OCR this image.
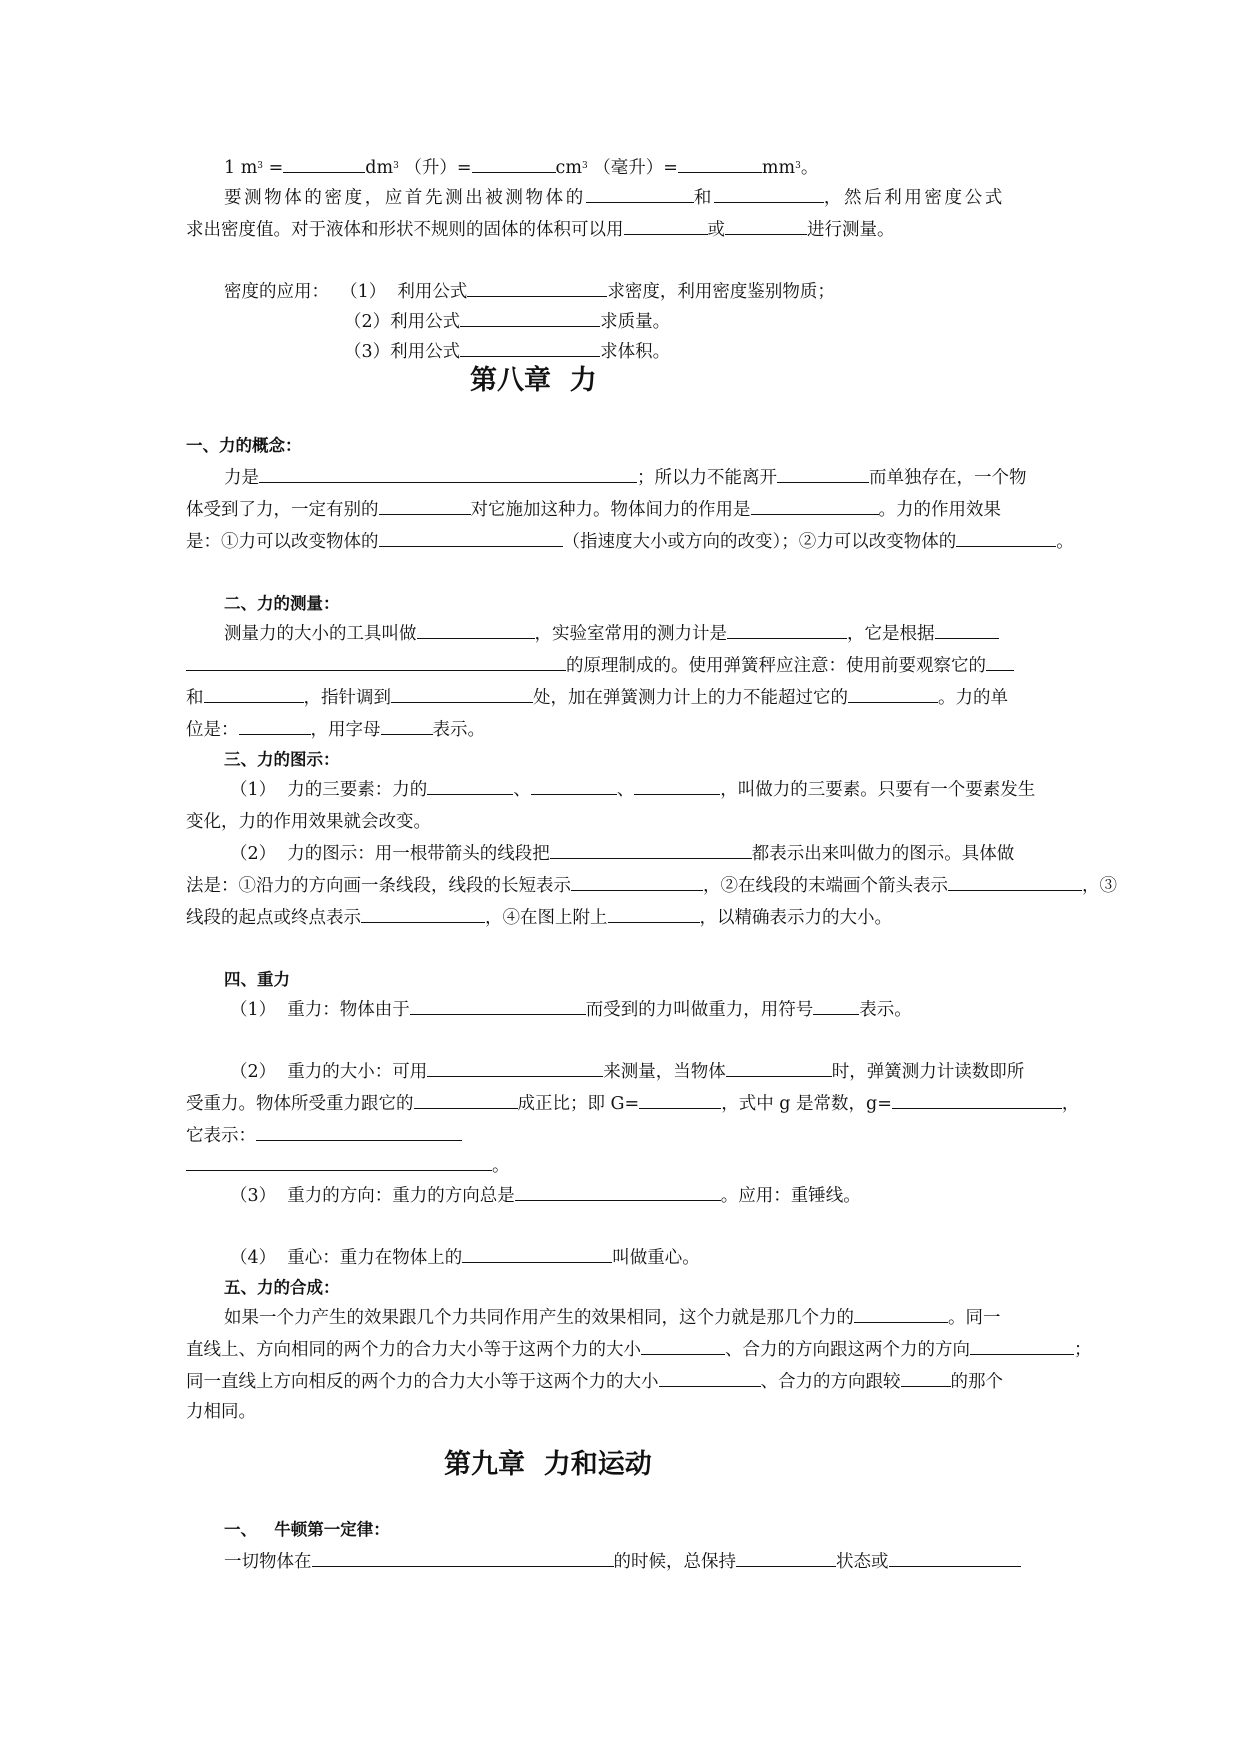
1 $m^3$ =	$dm^3$ （升）=	$cm^3$ （毫升）=	$mm^3$。
要测物体的密度，应首先测出被测物体的	和	，然后利用密度公式
求出密度值。对于液体和形状不规则的固体的体积可以用	或	进行测量。
密度的应用：  （1）  利用公式	求密度，利用密度鉴别物质；
（2）利用公式	求质量。
（3）利用公式	求体积。
第八章  力
一、力的概念：
力是	；所以力不能离开	而单独存在，一个物
体受到了力，一定有别的	对它施加这种力。物体间力的作用是	。力的作用效果
是：①力可以改变物体的	（指速度大小或方向的改变）；②力可以改变物体的	。
二、力的测量：
测量力的大小的工具叫做	，实验室常用的测力计是	，它是根据
的原理制成的。使用弹簧秤应注意：使用前要观察它的
和	，指针调到	处，加在弹簧测力计上的力不能超过它的	。力的单
位是：	，用字母	表示。
三、力的图示：
（1）  力的三要素：力的	、	、	，叫做力的三要素。只要有一个要素发生
变化，力的作用效果就会改变。
（2）  力的图示：用一根带箭头的线段把	都表示出来叫做力的图示。具体做
法是：①沿力的方向画一条线段，线段的长短表示	，②在线段的末端画个箭头表示	，③
线段的起点或终点表示	，④在图上附上	，以精确表示力的大小。
四、重力
（1）  重力：物体由于	而受到的力叫做重力，用符号	表示。
（2）  重力的大小：可用	来测量，当物体	时，弹簧测力计读数即所
受重力。物体所受重力跟它的	成正比；即 G=	，式中 g 是常数，g=	，
它表示：
。
（3）  重力的方向：重力的方向总是	。应用：重锤线。
（4）  重心：重力在物体上的	叫做重心。
五、力的合成：
如果一个力产生的效果跟几个力共同作用产生的效果相同，这个力就是那几个力的	。同一
直线上、方向相同的两个力的合力大小等于这两个力的大小	、合力的方向跟这两个力的方向	；
同一直线上方向相反的两个力的合力大小等于这两个力的大小	、合力的方向跟较	的那个
力相同。
第九章  力和运动
一、   牛顿第一定律：
一切物体在	的时候，总保持	状态或
